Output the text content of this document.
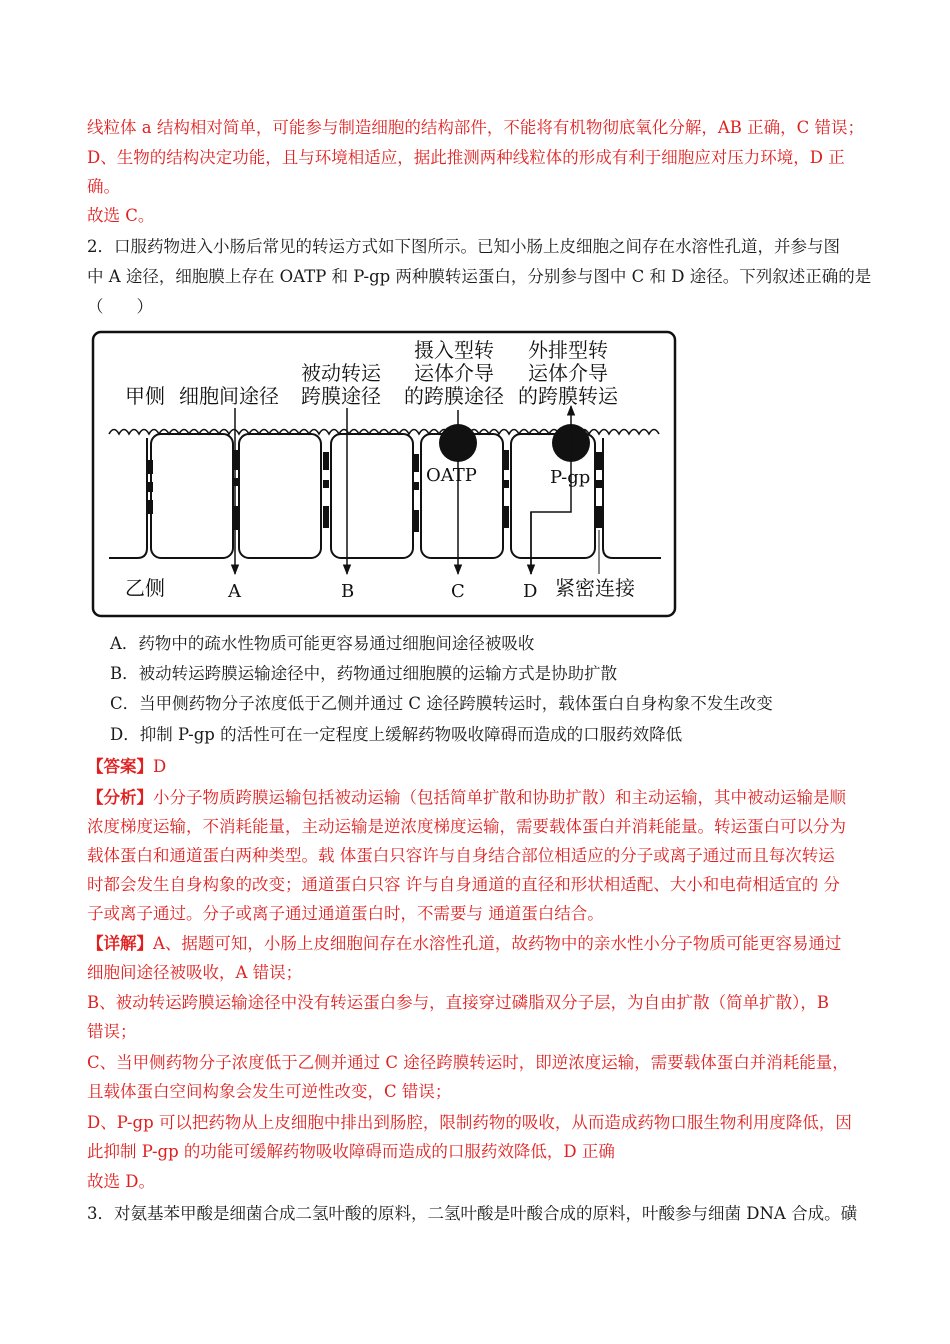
线粒体 a 结构相对简单，可能参与制造细胞的结构部件，不能将有机物彻底氧化分解，AB 正确，C 错误；
D、生物的结构决定功能，且与环境相适应，据此推测两种线粒体的形成有利于细胞应对压力环境，D 正
确。
故选 C。
2．口服药物进入小肠后常见的转运方式如下图所示。已知小肠上皮细胞之间存在水溶性孔道，并参与图
中 A 途径，细胞膜上存在 OATP 和 P-gp 两种膜转运蛋白，分别参与图中 C 和 D 途径。下列叙述正确的是
（　　）
甲侧 细胞间途径
被动转运
跨膜途径
摄入型转
运体介导
的跨膜途径
外排型转
运体介导
的跨膜转运
OATP	P-gp
乙侧	A	B	C	D 紧密连接
A．药物中的疏水性物质可能更容易通过细胞间途径被吸收
B．被动转运跨膜运输途径中，药物通过细胞膜的运输方式是协助扩散
C．当甲侧药物分子浓度低于乙侧并通过 C 途径跨膜转运时，载体蛋白自身构象不发生改变
D．抑制 P-gp 的活性可在一定程度上缓解药物吸收障碍而造成的口服药效降低
【答案】D
【分析】小分子物质跨膜运输包括被动运输（包括简单扩散和协助扩散）和主动运输，其中被动运输是顺
浓度梯度运输，不消耗能量，主动运输是逆浓度梯度运输，需要载体蛋白并消耗能量。转运蛋白可以分为
载体蛋白和通道蛋白两种类型。载 体蛋白只容许与自身结合部位相适应的分子或离子通过而且每次转运
时都会发生自身构象的改变；通道蛋白只容 许与自身通道的直径和形状相适配、大小和电荷相适宜的 分
子或离子通过。分子或离子通过通道蛋白时，不需要与 通道蛋白结合。
【详解】A、据题可知，小肠上皮细胞间存在水溶性孔道，故药物中的亲水性小分子物质可能更容易通过
细胞间途径被吸收，A 错误；
B、被动转运跨膜运输途径中没有转运蛋白参与，直接穿过磷脂双分子层，为自由扩散（简单扩散），B
错误；
C、当甲侧药物分子浓度低于乙侧并通过 C 途径跨膜转运时，即逆浓度运输，需要载体蛋白并消耗能量，
且载体蛋白空间构象会发生可逆性改变，C 错误；
D、P-gp 可以把药物从上皮细胞中排出到肠腔，限制药物的吸收，从而造成药物口服生物利用度降低，因
此抑制 P-gp 的功能可缓解药物吸收障碍而造成的口服药效降低，D 正确
故选 D。
3．对氨基苯甲酸是细菌合成二氢叶酸的原料，二氢叶酸是叶酸合成的原料，叶酸参与细菌 DNA 合成。磺
